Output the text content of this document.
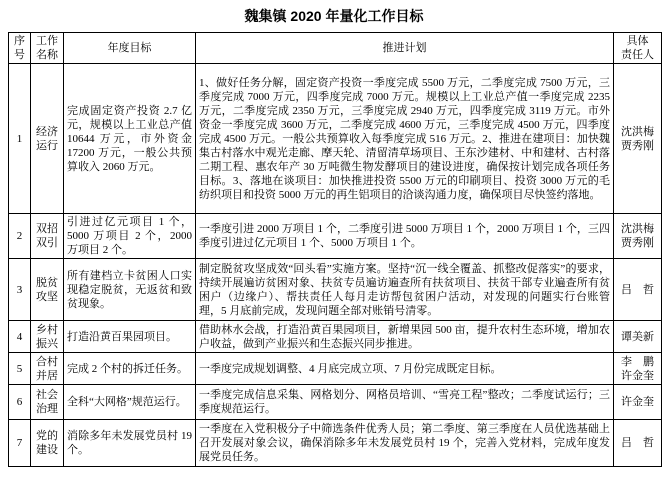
魏集镇 2020 年量化工作目标
序号	工作名称	年度目标	推进计划	具体
责任人

1	经济运行	完成固定资产投资 2.7 亿元，规模以上工业总产值 10644 万元，市外资金 17200 万元，一般公共预算收入 2060 万元。	1、做好任务分解，固定资产投资一季度完成 5500 万元，二季度完成 7500 万元，三季度完成 7000 万元，四季度完成 7000 万元。规模以上工业总产值一季度完成 2235 万元，二季度完成 2350 万元，三季度完成 2940 万元，四季度完成 3119 万元。市外资金一季度完成 3600 万元，二季度完成 4600 万元，三季度完成 4500 万元，四季度完成 4500 万元。一般公共预算收入每季度完成 516 万元。2、推进在建项目：加快魏集古村落水中观光走廊、摩天轮、清留清草场项目、王东沙建材、中和建材、古村落二期工程、惠农年产 30 万吨微生物发酵项目的建设进度，确保按计划完成各项任务目标。3、落地在谈项目：加快推进投资 5500 万元的印刷项目、投资 3000 万元的毛纺织项目和投资 5000 万元的再生铝项目的洽谈沟通力度，确保项目尽快签约落地。	沈洪梅
贾秀刚

2	双招双引	引进过亿元项目 1 个，5000 万项目 2 个，2000 万项目 2 个。	一季度引进 2000 万项目 1 个，二季度引进 5000 万项目 1 个，2000 万项目 1 个，三四季度引进过亿元项目 1 个、5000 万项目 1 个。	沈洪梅
贾秀刚

3	脱贫攻坚	所有建档立卡贫困人口实现稳定脱贫，无返贫和致贫现象。	制定脱贫攻坚成效“回头看”实施方案。坚持“沉一线全覆盖、抓整改促落实”的要求，持续开展遍访贫困对象、扶贫专员遍访遍查所有扶贫项目、扶贫干部专业遍查所有贫困户（边缘户）、帮扶责任人每月走访帮包贫困户活动，对发现的问题实行台账管理，5 月底前完成，发现问题全部对账销号清零。	吕　哲

4	乡村振兴	打造沿黄百果园项目。	借助林水会战，打造沿黄百果园项目，新增果园 500 亩，提升农村生态环境，增加农户收益，做到产业振兴和生态振兴同步推进。	谭美新

5	合村并居	完成 2 个村的拆迁任务。	一季度完成规划调整、4 月底完成立项、7 月份完成既定目标。	李　鹏
许金奎

6	社会治理	全科“大网格”规范运行。	一季度完成信息采集、网格划分、网格员培训、“雪亮工程”整改；二季度试运行；三季度规范运行。	许金奎

7	党的建设	消除多年未发展党员村 19 个。	一季度在入党积极分子中筛选条件优秀人员；第二季度、第三季度在人员优选基础上召开发展对象会议，确保消除多年未发展党员村 19 个，完善入党材料，完成年度发展党员任务。	吕　哲
